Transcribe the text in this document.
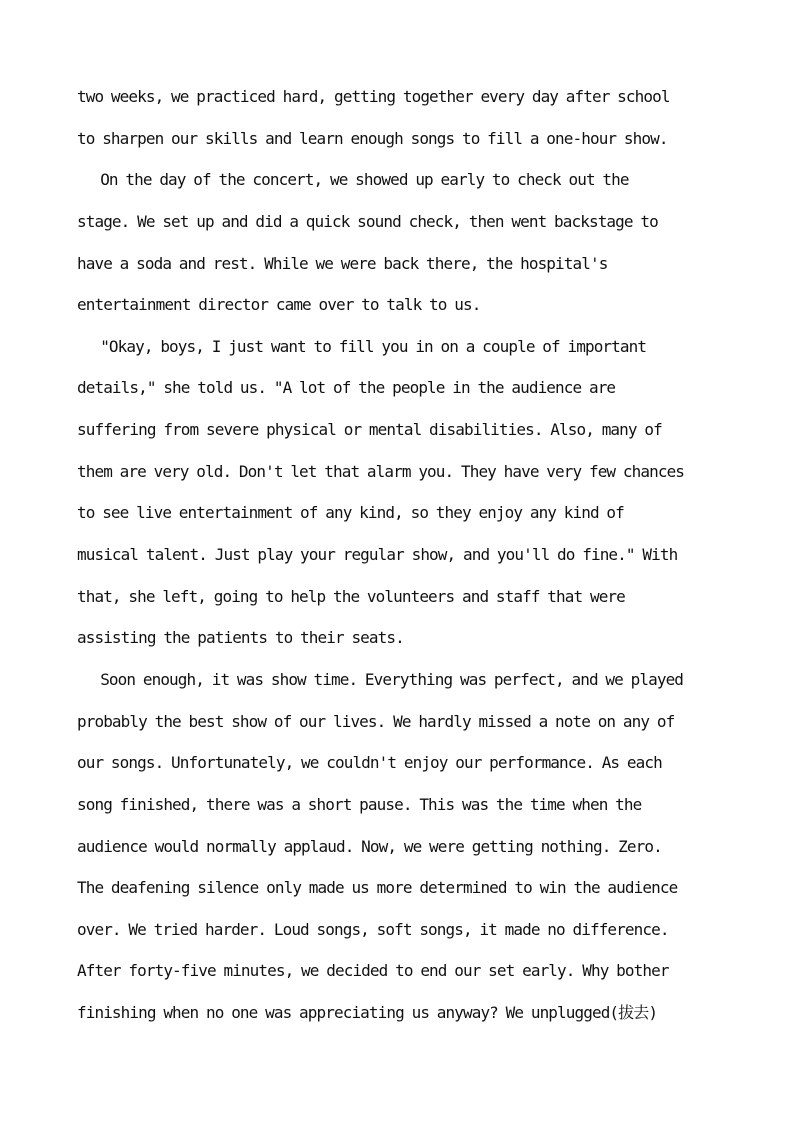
two weeks, we practiced hard, getting together every day after school
to sharpen our skills and learn enough songs to fill a one-hour show.
On the day of the concert, we showed up early to check out the
stage. We set up and did a quick sound check, then went backstage to
have a soda and rest. While we were back there, the hospital's
entertainment director came over to talk to us.
"Okay, boys, I just want to fill you in on a couple of important
details," she told us. "A lot of the people in the audience are
suffering from severe physical or mental disabilities. Also, many of
them are very old. Don't let that alarm you. They have very few chances
to see live entertainment of any kind, so they enjoy any kind of
musical talent. Just play your regular show, and you'll do fine." With
that, she left, going to help the volunteers and staff that were
assisting the patients to their seats.
Soon enough, it was show time. Everything was perfect, and we played
probably the best show of our lives. We hardly missed a note on any of
our songs. Unfortunately, we couldn't enjoy our performance. As each
song finished, there was a short pause. This was the time when the
audience would normally applaud. Now, we were getting nothing. Zero.
The deafening silence only made us more determined to win the audience
over. We tried harder. Loud songs, soft songs, it made no difference.
After forty-five minutes, we decided to end our set early. Why bother
finishing when no one was appreciating us anyway? We unplugged(拔去)
